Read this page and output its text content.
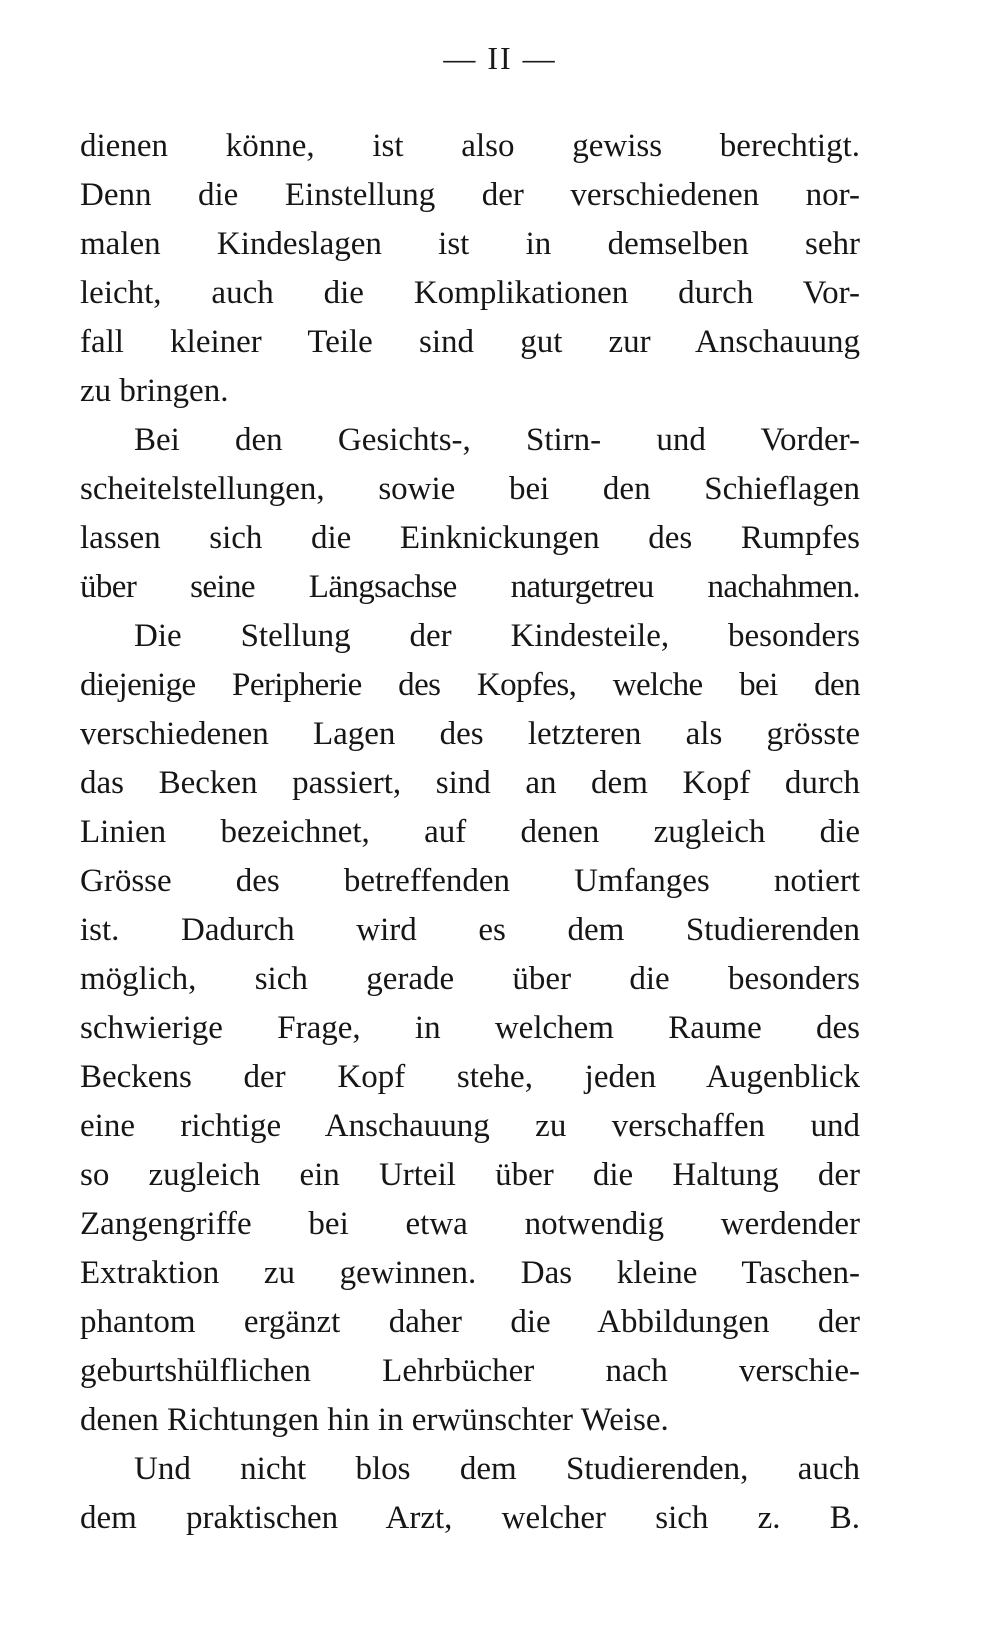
— II —
dienen könne, ist also gewiss berechtigt.
Denn die Einstellung der verschiedenen nor-
malen Kindeslagen ist in demselben sehr
leicht, auch die Komplikationen durch Vor-
fall kleiner Teile sind gut zur Anschauung
zu bringen.
Bei den Gesichts-, Stirn- und Vorder-
scheitelstellungen, sowie bei den Schieflagen
lassen sich die Einknickungen des Rumpfes
über seine Längsachse naturgetreu nachahmen.
Die Stellung der Kindesteile, besonders
diejenige Peripherie des Kopfes, welche bei den
verschiedenen Lagen des letzteren als grösste
das Becken passiert, sind an dem Kopf durch
Linien bezeichnet, auf denen zugleich die
Grösse des betreffenden Umfanges notiert
ist. Dadurch wird es dem Studierenden
möglich, sich gerade über die besonders
schwierige Frage, in welchem Raume des
Beckens der Kopf stehe, jeden Augenblick
eine richtige Anschauung zu verschaffen und
so zugleich ein Urteil über die Haltung der
Zangengriffe bei etwa notwendig werdender
Extraktion zu gewinnen. Das kleine Taschen-
phantom ergänzt daher die Abbildungen der
geburtshülflichen Lehrbücher nach verschie-
denen Richtungen hin in erwünschter Weise.
Und nicht blos dem Studierenden, auch
dem praktischen Arzt, welcher sich z. B.
